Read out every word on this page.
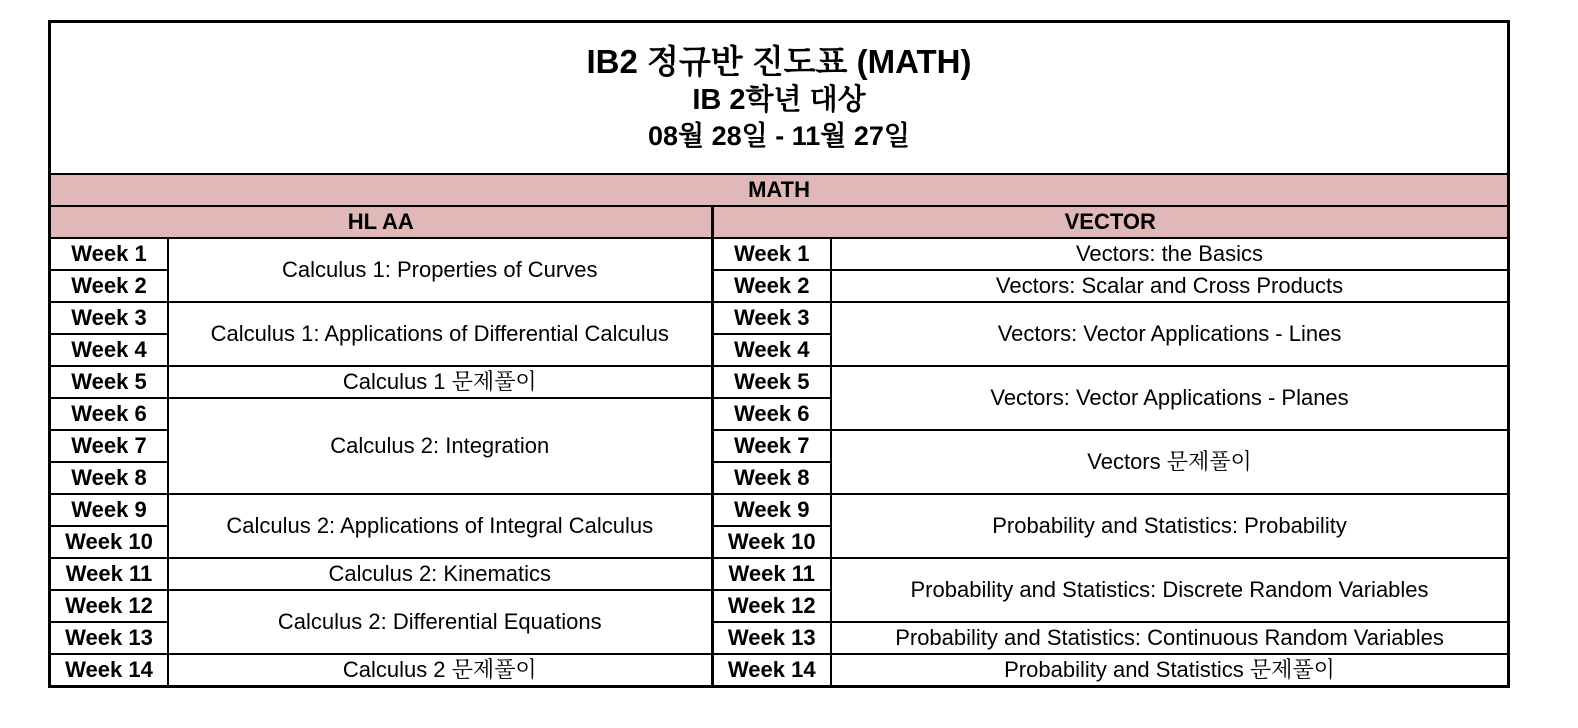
IB2 정규반 진도표 (MATH)
IB 2학년 대상
08월 28일 - 11월 27일
MATH			
HL AA		VECTOR	
Week 1	Calculus 1: Properties of Curves	Week 1	Vectors: the Basics
Week 2		Week 2	Vectors: Scalar and Cross Products
Week 3	Calculus 1: Applications of Differential Calculus	Week 3	Vectors: Vector Applications - Lines
Week 4		Week 4	
Week 5	Calculus 1 문제풀이	Week 5	Vectors: Vector Applications - Planes
Week 6	Calculus 2: Integration	Week 6	
Week 7		Week 7	Vectors 문제풀이
Week 8		Week 8	
Week 9	Calculus 2: Applications of Integral Calculus	Week 9	Probability and Statistics: Probability
Week 10		Week 10	
Week 11	Calculus 2: Kinematics	Week 11	Probability and Statistics: Discrete Random Variables
Week 12	Calculus 2: Differential Equations	Week 12	
Week 13		Week 13	Probability and Statistics: Continuous Random Variables
Week 14	Calculus 2 문제풀이	Week 14	Probability and Statistics 문제풀이
